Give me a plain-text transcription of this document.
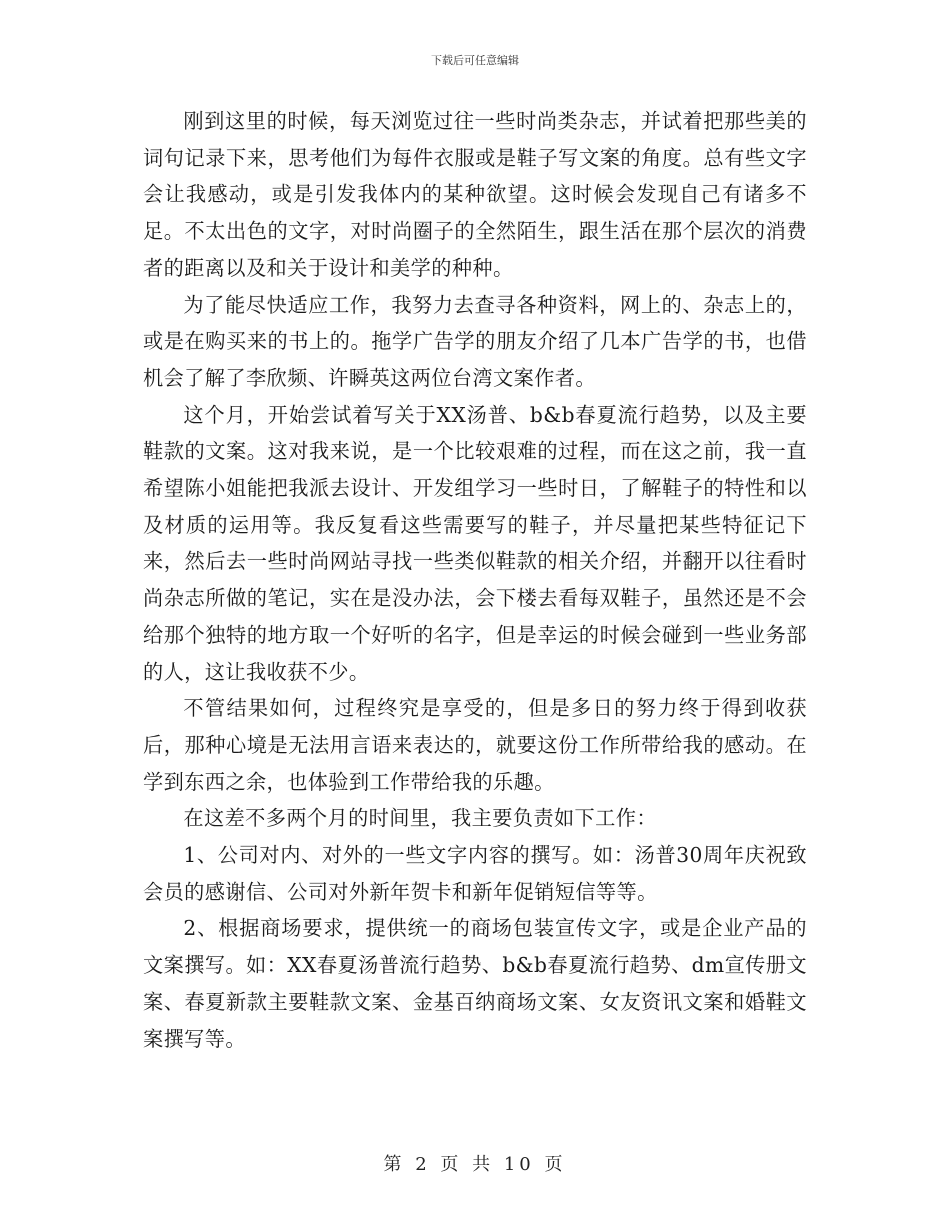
下载后可任意编辑

刚到这里的时候，每天浏览过往一些时尚类杂志，并试着把那些美的词句记录下来，思考他们为每件衣服或是鞋子写文案的角度。总有些文字会让我感动，或是引发我体内的某种欲望。这时候会发现自己有诸多不足。不太出色的文字，对时尚圈子的全然陌生，跟生活在那个层次的消费者的距离以及和关于设计和美学的种种。

为了能尽快适应工作，我努力去查寻各种资料，网上的、杂志上的，或是在购买来的书上的。拖学广告学的朋友介绍了几本广告学的书，也借机会了解了李欣频、许瞬英这两位台湾文案作者。

这个月，开始尝试着写关于XX汤普、b&b春夏流行趋势，以及主要鞋款的文案。这对我来说，是一个比较艰难的过程，而在这之前，我一直希望陈小姐能把我派去设计、开发组学习一些时日，了解鞋子的特性和以及材质的运用等。我反复看这些需要写的鞋子，并尽量把某些特征记下来，然后去一些时尚网站寻找一些类似鞋款的相关介绍，并翻开以往看时尚杂志所做的笔记，实在是没办法，会下楼去看每双鞋子，虽然还是不会给那个独特的地方取一个好听的名字，但是幸运的时候会碰到一些业务部的人，这让我收获不少。

不管结果如何，过程终究是享受的，但是多日的努力终于得到收获后，那种心境是无法用言语来表达的，就要这份工作所带给我的感动。在学到东西之余，也体验到工作带给我的乐趣。

在这差不多两个月的时间里，我主要负责如下工作：

1、公司对内、对外的一些文字内容的撰写。如：汤普30周年庆祝致会员的感谢信、公司对外新年贺卡和新年促销短信等等。

2、根据商场要求，提供统一的商场包装宣传文字，或是企业产品的文案撰写。如：XX春夏汤普流行趋势、b&b春夏流行趋势、dm宣传册文案、春夏新款主要鞋款文案、金基百纳商场文案、女友资讯文案和婚鞋文案撰写等。

第 2 页 共 10 页
